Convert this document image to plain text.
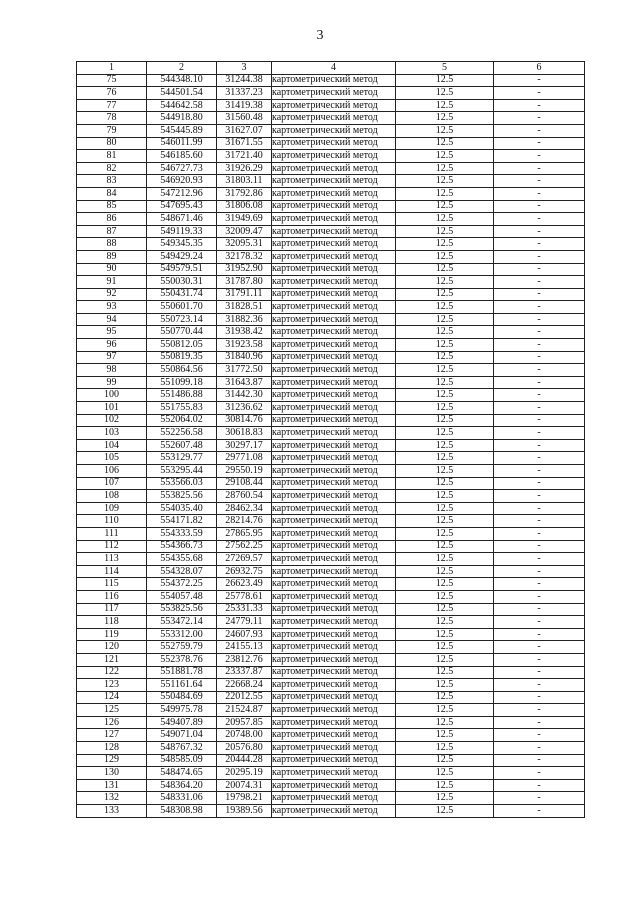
3
1	2	3	4	5	6
75	544348.10	31244.38	картометрический метод	12.5	-
76	544501.54	31337.23	картометрический метод	12.5	-
77	544642.58	31419.38	картометрический метод	12.5	-
78	544918.80	31560.48	картометрический метод	12.5	-
79	545445.89	31627.07	картометрический метод	12.5	-
80	546011.99	31671.55	картометрический метод	12.5	-
81	546185.60	31721.40	картометрический метод	12.5	-
82	546727.73	31926.29	картометрический метод	12.5	-
83	546920.93	31803.11	картометрический метод	12.5	-
84	547212.96	31792.86	картометрический метод	12.5	-
85	547695.43	31806.08	картометрический метод	12.5	-
86	548671.46	31949.69	картометрический метод	12.5	-
87	549119.33	32009.47	картометрический метод	12.5	-
88	549345.35	32095.31	картометрический метод	12.5	-
89	549429.24	32178.32	картометрический метод	12.5	-
90	549579.51	31952.90	картометрический метод	12.5	-
91	550030.31	31787.80	картометрический метод	12.5	-
92	550431.74	31791.11	картометрический метод	12.5	-
93	550601.70	31828.51	картометрический метод	12.5	-
94	550723.14	31882.36	картометрический метод	12.5	-
95	550770.44	31938.42	картометрический метод	12.5	-
96	550812.05	31923.58	картометрический метод	12.5	-
97	550819.35	31840.96	картометрический метод	12.5	-
98	550864.56	31772.50	картометрический метод	12.5	-
99	551099.18	31643.87	картометрический метод	12.5	-
100	551486.88	31442.30	картометрический метод	12.5	-
101	551755.83	31236.62	картометрический метод	12.5	-
102	552064.02	30814.76	картометрический метод	12.5	-
103	552256.58	30618.83	картометрический метод	12.5	-
104	552607.48	30297.17	картометрический метод	12.5	-
105	553129.77	29771.08	картометрический метод	12.5	-
106	553295.44	29550.19	картометрический метод	12.5	-
107	553566.03	29108.44	картометрический метод	12.5	-
108	553825.56	28760.54	картометрический метод	12.5	-
109	554035.40	28462.34	картометрический метод	12.5	-
110	554171.82	28214.76	картометрический метод	12.5	-
111	554333.59	27865.95	картометрический метод	12.5	-
112	554366.73	27562.25	картометрический метод	12.5	-
113	554355.68	27269.57	картометрический метод	12.5	-
114	554328.07	26932.75	картометрический метод	12.5	-
115	554372.25	26623.49	картометрический метод	12.5	-
116	554057.48	25778.61	картометрический метод	12.5	-
117	553825.56	25331.33	картометрический метод	12.5	-
118	553472.14	24779.11	картометрический метод	12.5	-
119	553312.00	24607.93	картометрический метод	12.5	-
120	552759.79	24155.13	картометрический метод	12.5	-
121	552378.76	23812.76	картометрический метод	12.5	-
122	551881.78	23337.87	картометрический метод	12.5	-
123	551161.64	22668.24	картометрический метод	12.5	-
124	550484.69	22012.55	картометрический метод	12.5	-
125	549975.78	21524.87	картометрический метод	12.5	-
126	549407.89	20957.85	картометрический метод	12.5	-
127	549071.04	20748.00	картометрический метод	12.5	-
128	548767.32	20576.80	картометрический метод	12.5	-
129	548585.09	20444.28	картометрический метод	12.5	-
130	548474.65	20295.19	картометрический метод	12.5	-
131	548364.20	20074.31	картометрический метод	12.5	-
132	548331.06	19798.21	картометрический метод	12.5	-
133	548308.98	19389.56	картометрический метод	12.5	-
